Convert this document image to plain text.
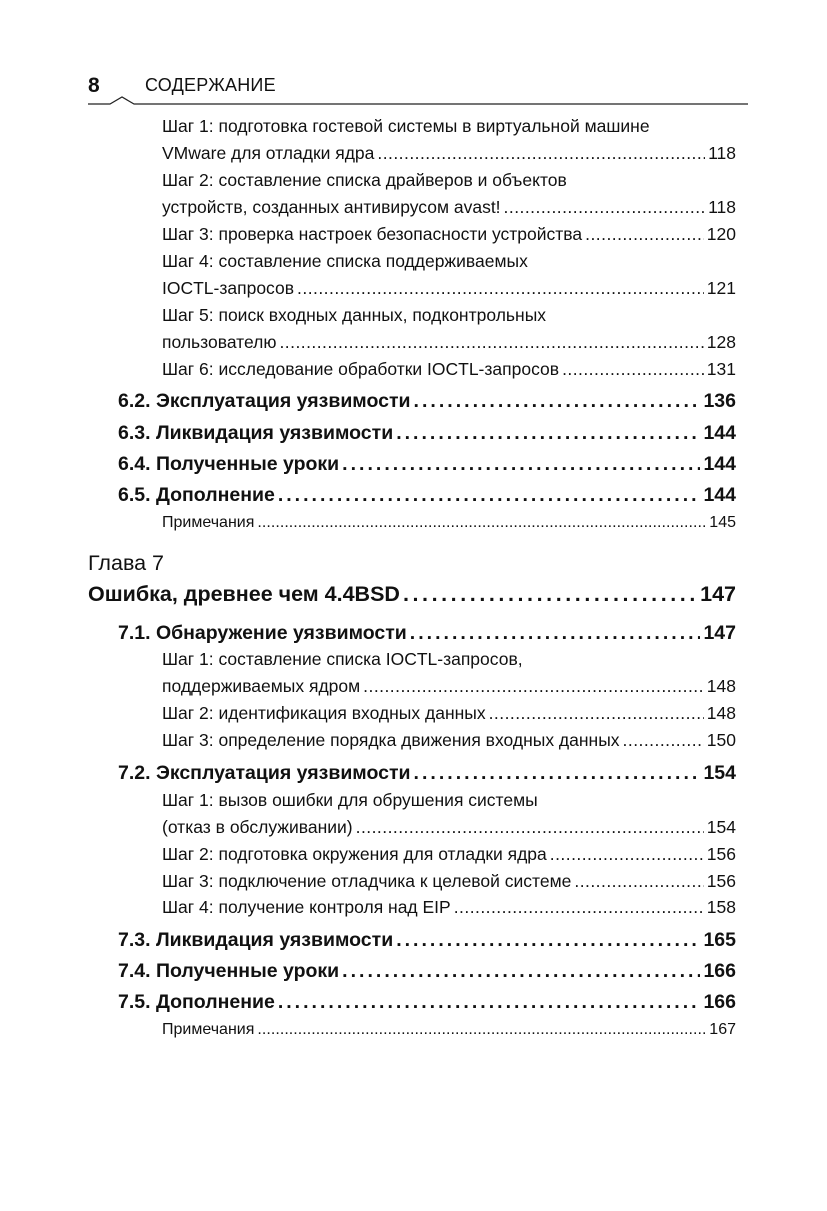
8	СОДЕРЖАНИЕ
Шаг 1: подготовка гостевой системы в виртуальной машине
VMware для отладки ядра . . .	118
Шаг 2: составление списка драйверов и объектов
устройств, созданных антивирусом avast! . . .	118
Шаг 3: проверка настроек безопасности устройства . . .	120
Шаг 4: составление списка поддерживаемых
IOCTL-запросов . . .	121
Шаг 5: поиск входных данных, подконтрольных
пользователю . . .	128
Шаг 6: исследование обработки IOCTL-запросов . . .	131
6.2. Эксплуатация уязвимости . . .	136
6.3. Ликвидация уязвимости . . .	144
6.4. Полученные уроки . . .	144
6.5. Дополнение . . .	144
Примечания . . .	145
Глава 7
Ошибка, древнее чем 4.4BSD . . .	147
7.1. Обнаружение уязвимости . . .	147
Шаг 1: составление списка IOCTL-запросов,
поддерживаемых ядром . . .	148
Шаг 2: идентификация входных данных . . .	148
Шаг 3: определение порядка движения входных данных . . .	150
7.2. Эксплуатация уязвимости . . .	154
Шаг 1: вызов ошибки для обрушения системы
(отказ в обслуживании) . . .	154
Шаг 2: подготовка окружения для отладки ядра . . .	156
Шаг 3: подключение отладчика к целевой системе . . .	156
Шаг 4: получение контроля над EIP . . .	158
7.3. Ликвидация уязвимости . . .	165
7.4. Полученные уроки . . .	166
7.5. Дополнение . . .	166
Примечания . . .	167
